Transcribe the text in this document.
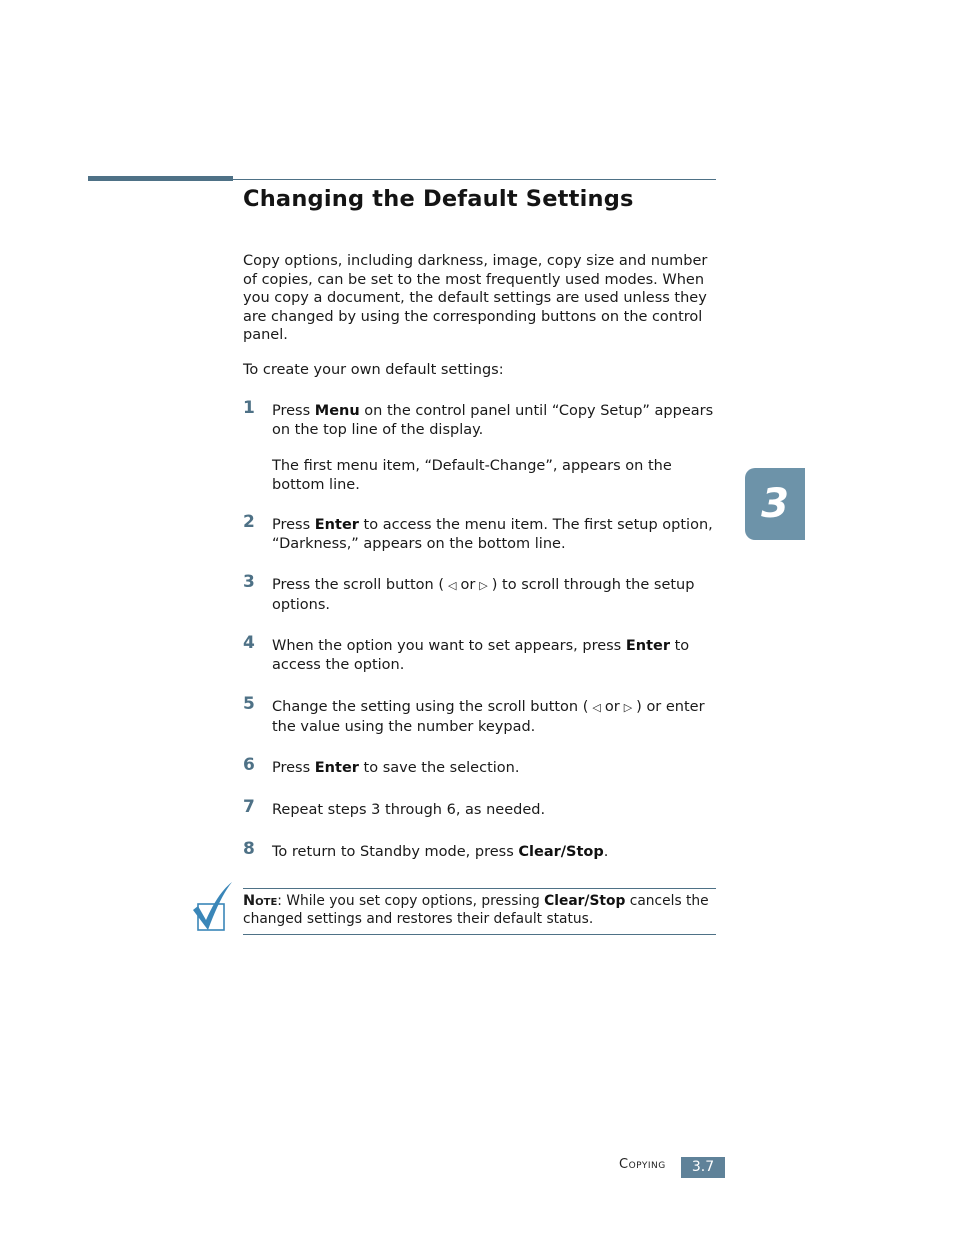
Changing the Default Settings

Copy options, including darkness, image, copy size and number of copies, can be set to the most frequently used modes. When you copy a document, the default settings are used unless they are changed by using the corresponding buttons on the control panel.

To create your own default settings:

1 Press Menu on the control panel until “Copy Setup” appears on the top line of the display.

The first menu item, “Default-Change”, appears on the bottom line.

2 Press Enter to access the menu item. The first setup option, “Darkness,” appears on the bottom line.

3 Press the scroll button ( ◁ or ▷ ) to scroll through the setup options.

4 When the option you want to set appears, press Enter to access the option.

5 Change the setting using the scroll button ( ◁ or ▷ ) or enter the value using the number keypad.

6 Press Enter to save the selection.

7 Repeat steps 3 through 6, as needed.

8 To return to Standby mode, press Clear/Stop.

Note: While you set copy options, pressing Clear/Stop cancels the changed settings and restores their default status.

3
Copying	3.7
